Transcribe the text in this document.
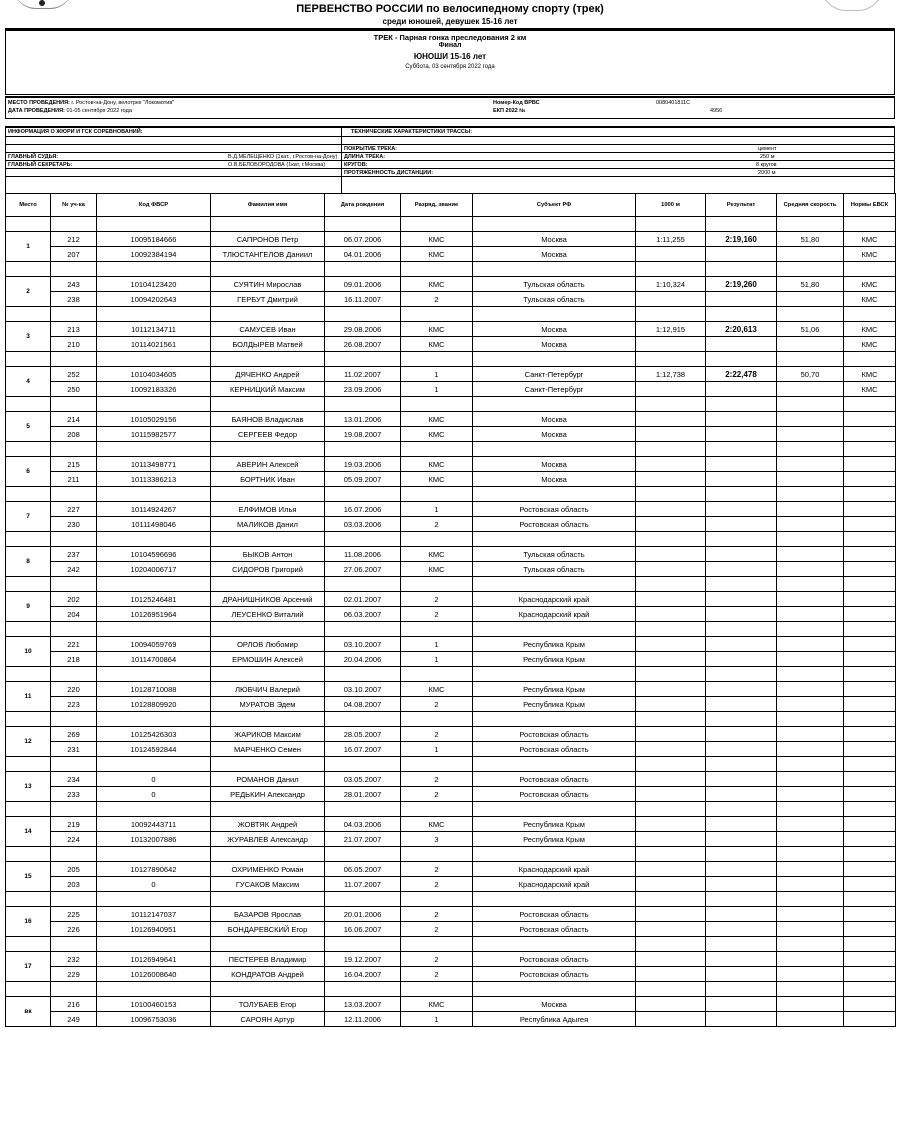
ПЕРВЕНСТВО РОССИИ по велосипедному спорту (трек)
среди юношей, девушек 15-16 лет
ТРЕК - Парная гонка преследования 2 км
Финал
ЮНОШИ 15-16 лет
Суббота, 03 сентября 2022 года
МЕСТО ПРОВЕДЕНИЯ: г. Ростов-на-Дону, велотрек "Локомотив"
ДАТА ПРОВЕДЕНИЯ: 01-05 сентября 2022 года
Номер-Код ВРВС
ЕКП 2022 №
0080401811С
4956
ИНФОРМАЦИЯ О ЖЮРИ И ГСК СОРЕВНОВАНИЙ:	ТЕХНИЧЕСКИЕ ХАРАКТЕРИСТИКИ ТРАССЫ:
ПОКРЫТИЕ ТРЕКА:	цемент
ГЛАВНЫЙ СУДЬЯ:	В.Д.МЕЛЕЩЕНКО (1кат., г.Ростов-на-Дону) ДЛИНА ТРЕКА:	250 м
ГЛАВНЫЙ СЕКРЕТАРЬ:	О.В.БЕЛОБОРОДОВА (1кат, г.Москва)	КРУГОВ:	8 кругов
ПРОТЯЖЕННОСТЬ ДИСТАНЦИИ:	2000 м
Место	№ уч-ка	Код ФВСР	Фамилия имя	Дата рождения	Разряд, звание	Субъект РФ	1000 м	Результат	Средняя скорость	Нормы ЕВСК

1	212	10095184666	САПРОНОВ Петр	06.07.2006	КМС	Москва	1:11,255	2:19,160	51,80	КМС
	207	10092384194	ТЛЮСТАНГЕЛОВ Даниил	04.01.2006	КМС	Москва				КМС

2	243	10104123420	СУЯТИН Мирослав	09.01.2006	КМС	Тульская область	1:10,324	2:19,260	51,80	КМС
	238	10094202643	ГЕРБУТ Дмитрий	16.11.2007	2	Тульская область				КМС

3	213	10112134711	САМУСЕВ Иван	29.08.2006	КМС	Москва	1:12,915	2:20,613	51,06	КМС
	210	10114021561	БОЛДЫРЕВ Матвей	26.08.2007	КМС	Москва				КМС

4	252	10104034605	ДЯЧЕНКО Андрей	11.02.2007	1	Санкт-Петербург	1:12,738	2:22,478	50,70	КМС
	250	10092183326	КЕРНИЦКИЙ Максим	23.09.2006	1	Санкт-Петербург				КМС

5	214	10105029156	БАЯНОВ Владислав	13.01.2006	КМС	Москва				
	208	10115982577	СЕРГЕЕВ Федор	19.08.2007	КМС	Москва				

6	215	10113498771	АВЕРИН Алексей	19.03.2006	КМС	Москва				
	211	10113386213	БОРТНИК Иван	05.09.2007	КМС	Москва				

7	227	10114924267	ЕЛФИМОВ Илья	16.07.2006	1	Ростовская область				
	230	10111498046	МАЛИКОВ Данил	03.03.2006	2	Ростовская область				

8	237	10104596696	БЫКОВ Антон	11.08.2006	КМС	Тульская область				
	242	10204006717	СИДОРОВ Григорий	27.06.2007	КМС	Тульская область				

9	202	10125246481	ДРАНИШНИКОВ Арсений	02.01.2007	2	Краснодарский край				
	204	10126951964	ЛЕУСЕНКО Виталий	06.03.2007	2	Краснодарский край				

10	221	10094059769	ОРЛОВ Любомир	03.10.2007	1	Республика Крым				
	218	10114700864	ЕРМОШИН Алексей	20.04.2006	1	Республика Крым				

11	220	10128710088	ЛЮБЧИЧ Валерий	03.10.2007	КМС	Республика Крым				
	223	10128809920	МУРАТОВ Эдем	04.08.2007	2	Республика Крым				

12	269	10125426303	ЖАРИКОВ Максим	28.05.2007	2	Ростовская область				
	231	10124592844	МАРЧЕНКО Семен	16.07.2007	1	Ростовская область				

13	234	0	РОМАНОВ Данил	03.05.2007	2	Ростовская область				
	233	0	РЕДЬКИН Александр	28.01.2007	2	Ростовская область				

14	219	10092443711	ЖОВТЯК Андрей	04.03.2006	КМС	Республика Крым				
	224	10132007886	ЖУРАВЛЕВ Александр	21.07.2007	3	Республика Крым				

15	205	10127890642	ОХРИМЕНКО Роман	06.05.2007	2	Краснодарский край				
	203	0	ГУСАКОВ Максим	11.07.2007	2	Краснодарский край				

16	225	10112147037	БАЗАРОВ Ярослав	20.01.2006	2	Ростовская область				
	226	10126940951	БОНДАРЕВСКИЙ Егор	16.06.2007	2	Ростовская область				

17	232	10126949641	ПЕСТЕРЕВ Владимир	19.12.2007	2	Ростовская область				
	229	10126008640	КОНДРАТОВ Андрей	16.04.2007	2	Ростовская область				

вк	216	10100460153	ТОЛУБАЕВ Егор	13.03.2007	КМС	Москва				
	249	10096753036	САРОЯН Артур	12.11.2006	1	Республика Адыгея				
